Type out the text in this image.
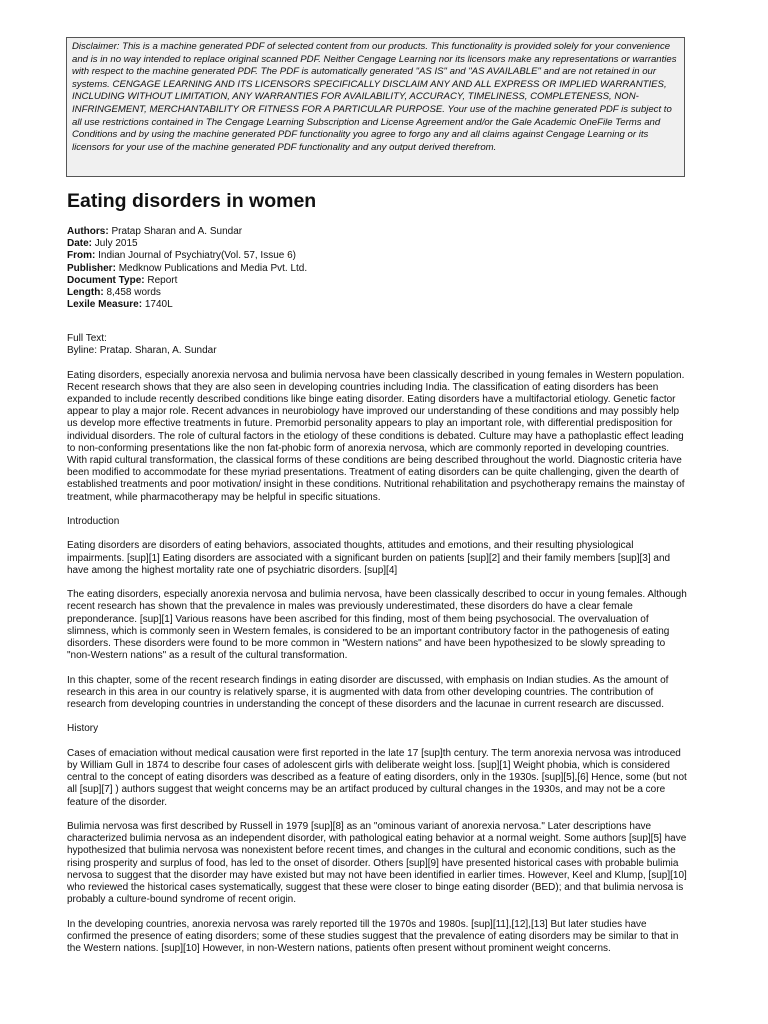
Disclaimer: This is a machine generated PDF of selected content from our products. This functionality is provided solely for your convenience and is in no way intended to replace original scanned PDF. Neither Cengage Learning nor its licensors make any representations or warranties with respect to the machine generated PDF. The PDF is automatically generated "AS IS" and "AS AVAILABLE" and are not retained in our systems. CENGAGE LEARNING AND ITS LICENSORS SPECIFICALLY DISCLAIM ANY AND ALL EXPRESS OR IMPLIED WARRANTIES, INCLUDING WITHOUT LIMITATION, ANY WARRANTIES FOR AVAILABILITY, ACCURACY, TIMELINESS, COMPLETENESS, NON-INFRINGEMENT, MERCHANTABILITY OR FITNESS FOR A PARTICULAR PURPOSE. Your use of the machine generated PDF is subject to all use restrictions contained in The Cengage Learning Subscription and License Agreement and/or the Gale Academic OneFile Terms and Conditions and by using the machine generated PDF functionality you agree to forgo any and all claims against Cengage Learning or its licensors for your use of the machine generated PDF functionality and any output derived therefrom.
Eating disorders in women
Authors: Pratap Sharan and A. Sundar
Date: July 2015
From: Indian Journal of Psychiatry(Vol. 57, Issue 6)
Publisher: Medknow Publications and Media Pvt. Ltd.
Document Type: Report
Length: 8,458 words
Lexile Measure: 1740L
Full Text:
Byline: Pratap. Sharan, A. Sundar

Eating disorders, especially anorexia nervosa and bulimia nervosa have been classically described in young females in Western population. Recent research shows that they are also seen in developing countries including India. The classification of eating disorders has been expanded to include recently described conditions like binge eating disorder. Eating disorders have a multifactorial etiology. Genetic factor appear to play a major role. Recent advances in neurobiology have improved our understanding of these conditions and may possibly help us develop more effective treatments in future. Premorbid personality appears to play an important role, with differential predisposition for individual disorders. The role of cultural factors in the etiology of these conditions is debated. Culture may have a pathoplastic effect leading to non-conforming presentations like the non fat-phobic form of anorexia nervosa, which are commonly reported in developing countries. With rapid cultural transformation, the classical forms of these conditions are being described throughout the world. Diagnostic criteria have been modified to accommodate for these myriad presentations. Treatment of eating disorders can be quite challenging, given the dearth of established treatments and poor motivation/ insight in these conditions. Nutritional rehabilitation and psychotherapy remains the mainstay of treatment, while pharmacotherapy may be helpful in specific situations.

Introduction

Eating disorders are disorders of eating behaviors, associated thoughts, attitudes and emotions, and their resulting physiological impairments. [sup][1] Eating disorders are associated with a significant burden on patients [sup][2] and their family members [sup][3] and have among the highest mortality rate one of psychiatric disorders. [sup][4]

The eating disorders, especially anorexia nervosa and bulimia nervosa, have been classically described to occur in young females. Although recent research has shown that the prevalence in males was previously underestimated, these disorders do have a clear female preponderance. [sup][1] Various reasons have been ascribed for this finding, most of them being psychosocial. The overvaluation of slimness, which is commonly seen in Western females, is considered to be an important contributory factor in the pathogenesis of eating disorders. These disorders were found to be more common in "Western nations" and have been hypothesized to be slowly spreading to "non-Western nations" as a result of the cultural transformation.

In this chapter, some of the recent research findings in eating disorder are discussed, with emphasis on Indian studies. As the amount of research in this area in our country is relatively sparse, it is augmented with data from other developing countries. The contribution of research from developing countries in understanding the concept of these disorders and the lacunae in current research are discussed.

History

Cases of emaciation without medical causation were first reported in the late 17 [sup]th century. The term anorexia nervosa was introduced by William Gull in 1874 to describe four cases of adolescent girls with deliberate weight loss. [sup][1] Weight phobia, which is considered central to the concept of eating disorders was described as a feature of eating disorders, only in the 1930s. [sup][5],[6] Hence, some (but not all [sup][7] ) authors suggest that weight concerns may be an artifact produced by cultural changes in the 1930s, and may not be a core feature of the disorder.

Bulimia nervosa was first described by Russell in 1979 [sup][8] as an "ominous variant of anorexia nervosa." Later descriptions have characterized bulimia nervosa as an independent disorder, with pathological eating behavior at a normal weight. Some authors [sup][5] have hypothesized that bulimia nervosa was nonexistent before recent times, and changes in the cultural and economic conditions, such as the rising prosperity and surplus of food, has led to the onset of disorder. Others [sup][9] have presented historical cases with probable bulimia nervosa to suggest that the disorder may have existed but may not have been identified in earlier times. However, Keel and Klump, [sup][10] who reviewed the historical cases systematically, suggest that these were closer to binge eating disorder (BED); and that bulimia nervosa is probably a culture-bound syndrome of recent origin.

In the developing countries, anorexia nervosa was rarely reported till the 1970s and 1980s. [sup][11],[12],[13] But later studies have confirmed the presence of eating disorders; some of these studies suggest that the prevalence of eating disorders may be similar to that in the Western nations. [sup][10] However, in non-Western nations, patients often present without prominent weight concerns.
